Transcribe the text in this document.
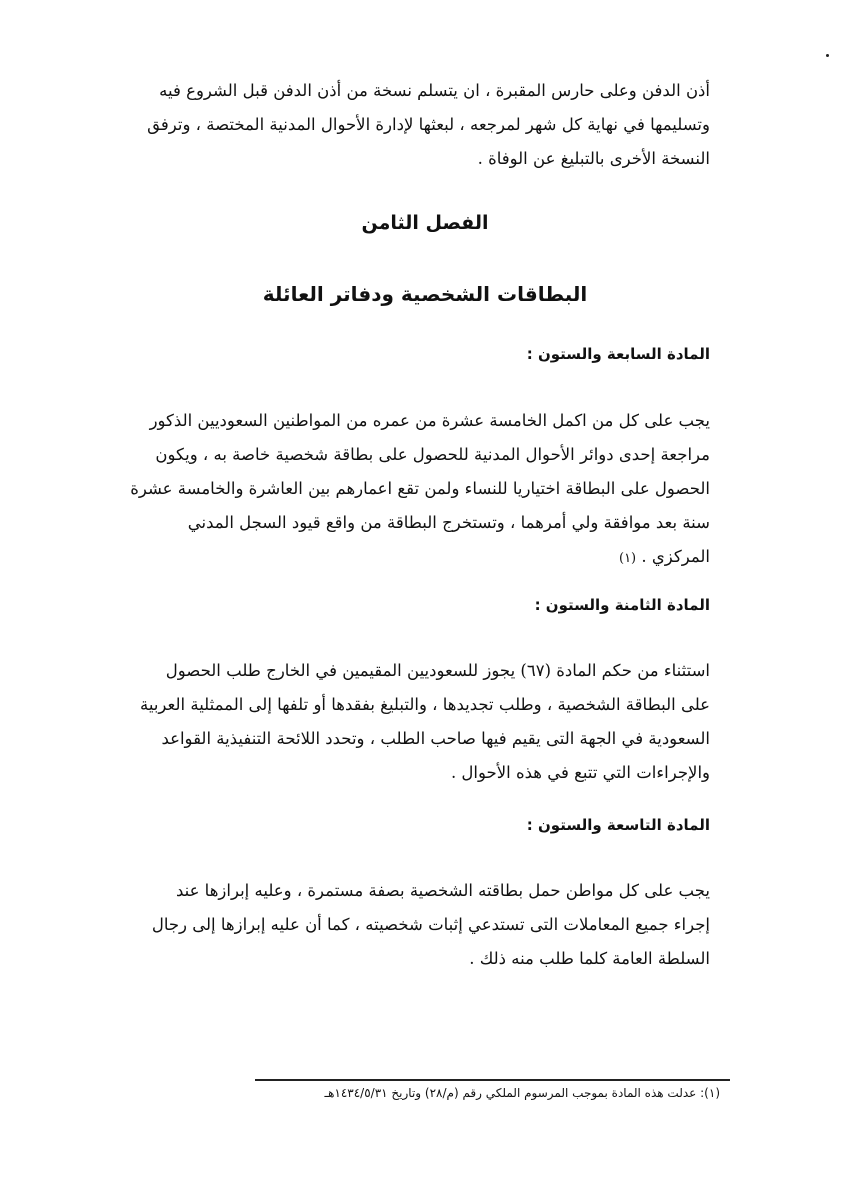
أذن الدفن وعلى حارس المقبرة ، ان يتسلم نسخة من أذن الدفن قبل الشروع فيه
وتسليمها في نهاية كل شهر لمرجعه ، لبعثها لإدارة الأحوال المدنية المختصة ، وترفق
النسخة الأخرى بالتبليغ عن الوفاة .
الفصل الثامن
البطاقات الشخصية ودفاتر العائلة
المادة السابعة والستون :
يجب على كل من اكمل الخامسة عشرة من عمره من المواطنين السعوديين الذكور
مراجعة إحدى دوائر الأحوال المدنية للحصول على بطاقة شخصية خاصة به ، ويكون
الحصول على البطاقة اختياريا للنساء ولمن تقع اعمارهم بين العاشرة والخامسة عشرة
سنة بعد موافقة ولي أمرهما ، وتستخرج البطاقة من واقع قيود السجل المدني
المركزي . (١)
المادة الثامنة والستون :
استثناء من حكم المادة (٦٧) يجوز للسعوديين المقيمين في الخارج طلب الحصول
على البطاقة الشخصية ، وطلب تجديدها ، والتبليغ بفقدها أو تلفها إلى الممثلية العربية
السعودية في الجهة التى يقيم فيها صاحب الطلب ، وتحدد اللائحة التنفيذية القواعد
والإجراءات التي تتبع في هذه الأحوال .
المادة التاسعة والستون :
يجب على كل مواطن حمل بطاقته الشخصية بصفة مستمرة ، وعليه إبرازها عند
إجراء جميع المعاملات التى تستدعي إثبات شخصيته ، كما أن عليه إبرازها إلى رجال
السلطة العامة كلما طلب منه ذلك .
(١): عدلت هذه المادة بموجب المرسوم الملكي رقم (م/٢٨) وتاريخ ١٤٣٤/٥/٣١هـ
